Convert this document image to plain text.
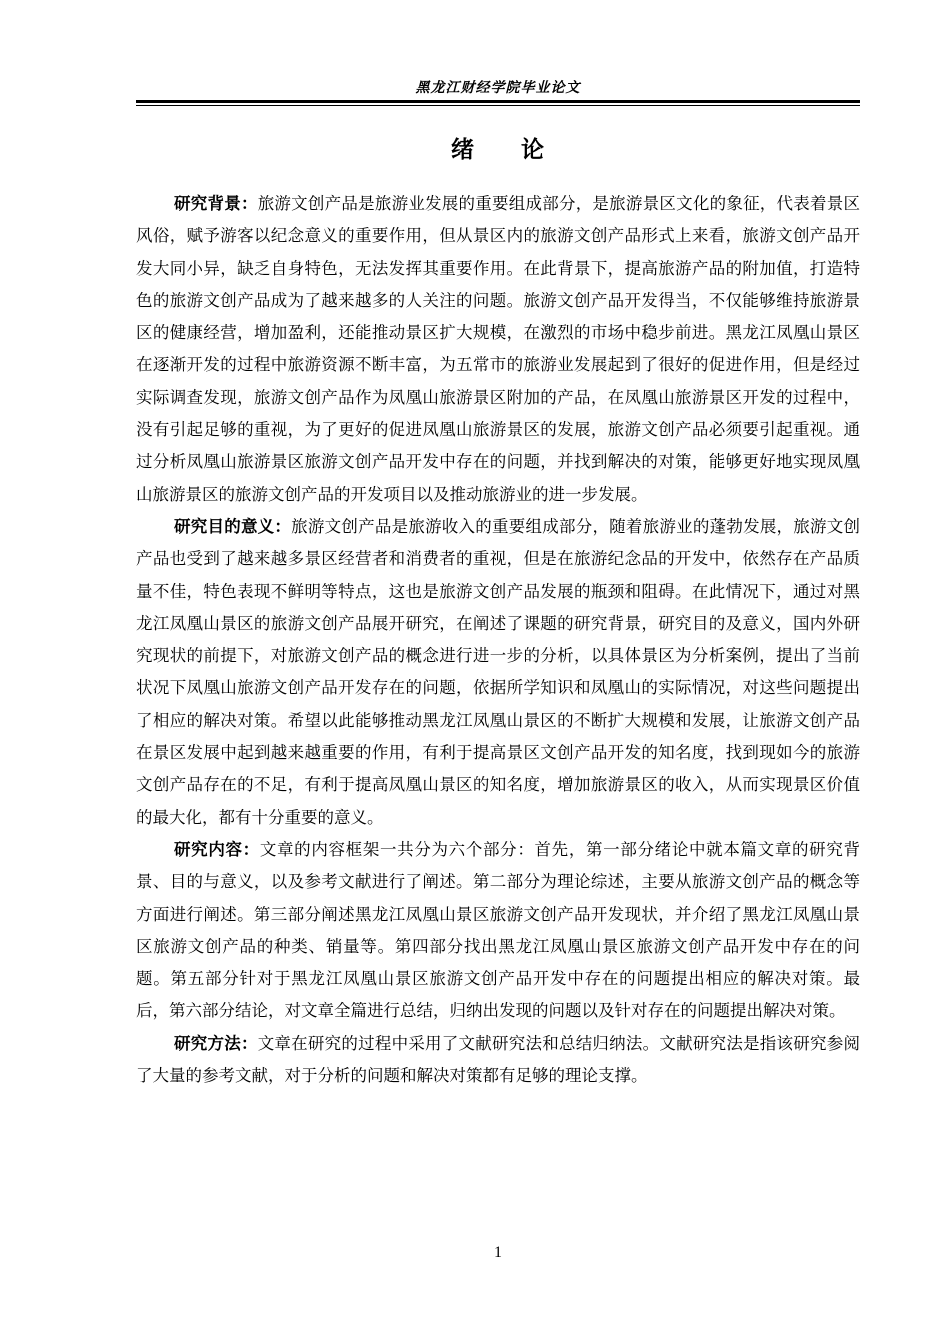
黑龙江财经学院毕业论文
绪 论

研究背景：旅游文创产品是旅游业发展的重要组成部分，是旅游景区文化的象征，代表着景区风俗，赋予游客以纪念意义的重要作用，但从景区内的旅游文创产品形式上来看，旅游文创产品开发大同小异，缺乏自身特色，无法发挥其重要作用。在此背景下，提高旅游产品的附加值，打造特色的旅游文创产品成为了越来越多的人关注的问题。旅游文创产品开发得当，不仅能够维持旅游景区的健康经营，增加盈利，还能推动景区扩大规模，在激烈的市场中稳步前进。黑龙江凤凰山景区在逐渐开发的过程中旅游资源不断丰富，为五常市的旅游业发展起到了很好的促进作用，但是经过实际调查发现，旅游文创产品作为凤凰山旅游景区附加的产品，在凤凰山旅游景区开发的过程中，没有引起足够的重视，为了更好的促进凤凰山旅游景区的发展，旅游文创产品必须要引起重视。通过分析凤凰山旅游景区旅游文创产品开发中存在的问题，并找到解决的对策，能够更好地实现凤凰山旅游景区的旅游文创产品的开发项目以及推动旅游业的进一步发展。

研究目的意义：旅游文创产品是旅游收入的重要组成部分，随着旅游业的蓬勃发展，旅游文创产品也受到了越来越多景区经营者和消费者的重视，但是在旅游纪念品的开发中，依然存在产品质量不佳，特色表现不鲜明等特点，这也是旅游文创产品发展的瓶颈和阻碍。在此情况下，通过对黑龙江凤凰山景区的旅游文创产品展开研究，在阐述了课题的研究背景，研究目的及意义，国内外研究现状的前提下，对旅游文创产品的概念进行进一步的分析，以具体景区为分析案例，提出了当前状况下凤凰山旅游文创产品开发存在的问题，依据所学知识和凤凰山的实际情况，对这些问题提出了相应的解决对策。希望以此能够推动黑龙江凤凰山景区的不断扩大规模和发展，让旅游文创产品在景区发展中起到越来越重要的作用，有利于提高景区文创产品开发的知名度，找到现如今的旅游文创产品存在的不足，有利于提高凤凰山景区的知名度，增加旅游景区的收入，从而实现景区价值的最大化，都有十分重要的意义。

研究内容：文章的内容框架一共分为六个部分：首先，第一部分绪论中就本篇文章的研究背景、目的与意义，以及参考文献进行了阐述。第二部分为理论综述，主要从旅游文创产品的概念等方面进行阐述。第三部分阐述黑龙江凤凰山景区旅游文创产品开发现状，并介绍了黑龙江凤凰山景区旅游文创产品的种类、销量等。第四部分找出黑龙江凤凰山景区旅游文创产品开发中存在的问题。第五部分针对于黑龙江凤凰山景区旅游文创产品开发中存在的问题提出相应的解决对策。最后，第六部分结论，对文章全篇进行总结，归纳出发现的问题以及针对存在的问题提出解决对策。

研究方法：文章在研究的过程中采用了文献研究法和总结归纳法。文献研究法是指该研究参阅了大量的参考文献，对于分析的问题和解决对策都有足够的理论支撑。

1
